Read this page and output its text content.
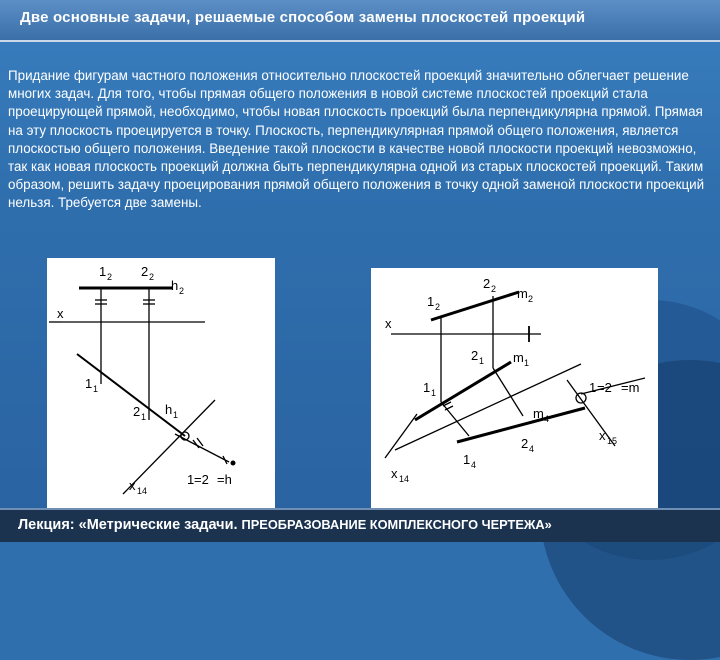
Две основные задачи, решаемые способом замены плоскостей проекций
Придание фигурам частного положения относительно плоскостей проекций значительно облегчает решение многих задач. Для того, чтобы прямая общего положения в новой системе плоскостей проекций стала проецирующей прямой, необходимо, чтобы новая плоскость проекций была перпендикулярна прямой. Прямая на эту плоскость проецируется в точку. Плоскость, перпендикулярная прямой общего положения, является плоскостью общего положения. Введение такой плоскости в качестве новой плоскости проекций невозможно, так как новая плоскость проекций должна быть перпендикулярна одной из старых плоскостей проекций. Таким образом, решить задачу проецирования прямой общего положения в точку одной заменой плоскости проекций нельзя. Требуется две замены.
x
1 2 2 2
h 2
1 1
2 1 h 1
x 14
1 =2 =h
x
1 2
2 2 m 2
2 1 m 1
1 1
1 4
2 4
m 4
1 =2 =m
x 15
x 14
Лекция: «Метрические задачи. ПРЕОБРАЗОВАНИЕ КОМПЛЕКСНОГО ЧЕРТЕЖА»
